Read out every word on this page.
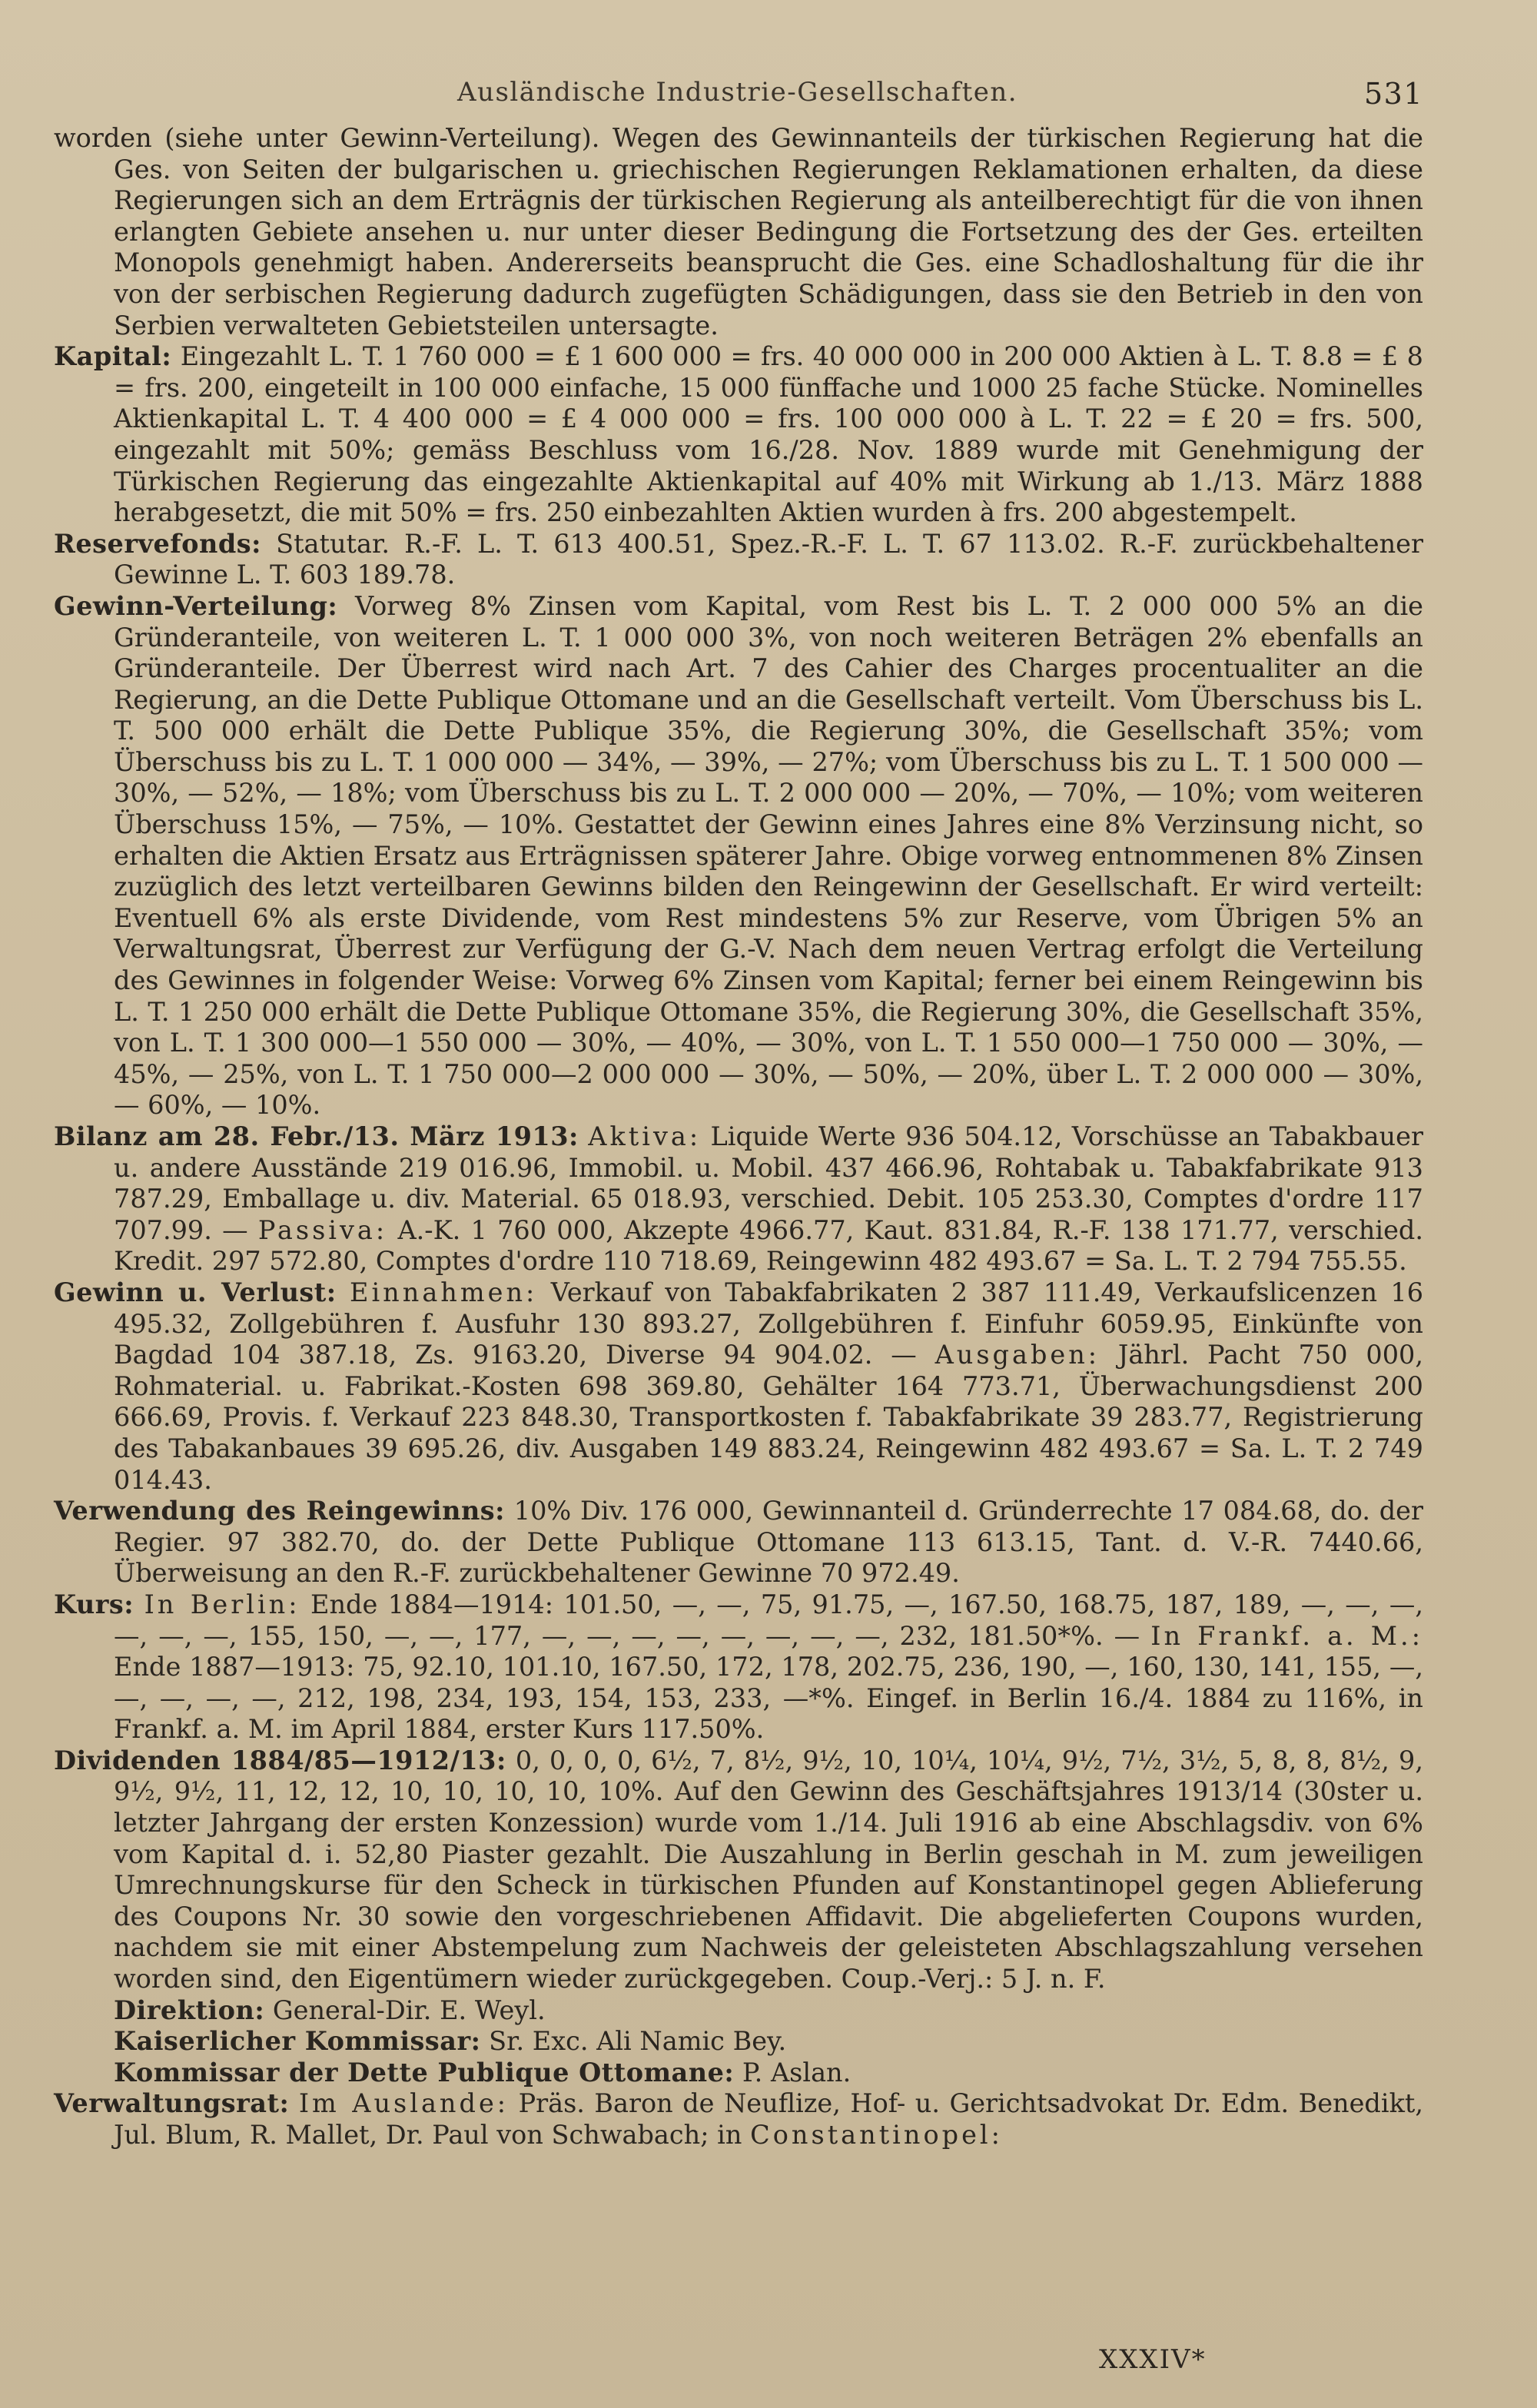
Ausländische Industrie-Gesellschaften.	531

worden (siehe unter Gewinn-Verteilung). Wegen des Gewinnanteils der türkischen Regierung hat die Ges. von Seiten der bulgarischen u. griechischen Regierungen Reklamationen erhalten, da diese Regierungen sich an dem Erträgnis der türkischen Regierung als anteilberechtigt für die von ihnen erlangten Gebiete ansehen u. nur unter dieser Bedingung die Fortsetzung des der Ges. erteilten Monopols genehmigt haben. Andererseits beansprucht die Ges. eine Schadloshaltung für die ihr von der serbischen Regierung dadurch zugefügten Schädigungen, dass sie den Betrieb in den von Serbien verwalteten Gebietsteilen untersagte.

Kapital: Eingezahlt L. T. 1 760 000 = £ 1 600 000 = frs. 40 000 000 in 200 000 Aktien à L. T. 8.8 = £ 8 = frs. 200, eingeteilt in 100 000 einfache, 15 000 fünffache und 1000 25 fache Stücke. Nominelles Aktienkapital L. T. 4 400 000 = £ 4 000 000 = frs. 100 000 000 à L. T. 22 = £ 20 = frs. 500, eingezahlt mit 50%; gemäss Beschluss vom 16./28. Nov. 1889 wurde mit Genehmigung der Türkischen Regierung das eingezahlte Aktienkapital auf 40% mit Wirkung ab 1./13. März 1888 herabgesetzt, die mit 50% = frs. 250 einbezahlten Aktien wurden à frs. 200 abgestempelt.

Reservefonds: Statutar. R.-F. L. T. 613 400.51, Spez.-R.-F. L. T. 67 113.02. R.-F. zurückbehaltener Gewinne L. T. 603 189.78.

Gewinn-Verteilung: Vorweg 8% Zinsen vom Kapital, vom Rest bis L. T. 2 000 000 5% an die Gründeranteile, von weiteren L. T. 1 000 000 3%, von noch weiteren Beträgen 2% ebenfalls an Gründeranteile. Der Überrest wird nach Art. 7 des Cahier des Charges procentualiter an die Regierung, an die Dette Publique Ottomane und an die Gesellschaft verteilt. Vom Überschuss bis L. T. 500 000 erhält die Dette Publique 35%, die Regierung 30%, die Gesellschaft 35%; vom Überschuss bis zu L. T. 1 000 000 — 34%, — 39%, — 27%; vom Überschuss bis zu L. T. 1 500 000 — 30%, — 52%, — 18%; vom Überschuss bis zu L. T. 2 000 000 — 20%, — 70%, — 10%; vom weiteren Überschuss 15%, — 75%, — 10%. Gestattet der Gewinn eines Jahres eine 8% Verzinsung nicht, so erhalten die Aktien Ersatz aus Erträgnissen späterer Jahre. Obige vorweg entnommenen 8% Zinsen zuzüglich des letzt verteilbaren Gewinns bilden den Reingewinn der Gesellschaft. Er wird verteilt: Eventuell 6% als erste Dividende, vom Rest mindestens 5% zur Reserve, vom Übrigen 5% an Verwaltungsrat, Überrest zur Verfügung der G.-V. Nach dem neuen Vertrag erfolgt die Verteilung des Gewinnes in folgender Weise: Vorweg 6% Zinsen vom Kapital; ferner bei einem Reingewinn bis L. T. 1 250 000 erhält die Dette Publique Ottomane 35%, die Regierung 30%, die Gesellschaft 35%, von L. T. 1 300 000—1 550 000 — 30%, — 40%, — 30%, von L. T. 1 550 000—1 750 000 — 30%, — 45%, — 25%, von L. T. 1 750 000—2 000 000 — 30%, — 50%, — 20%, über L. T. 2 000 000 — 30%, — 60%, — 10%.

Bilanz am 28. Febr./13. März 1913: Aktiva: Liquide Werte 936 504.12, Vorschüsse an Tabakbauer u. andere Ausstände 219 016.96, Immobil. u. Mobil. 437 466.96, Rohtabak u. Tabakfabrikate 913 787.29, Emballage u. div. Material. 65 018.93, verschied. Debit. 105 253.30, Comptes d'ordre 117 707.99. — Passiva: A.-K. 1 760 000, Akzepte 4966.77, Kaut. 831.84, R.-F. 138 171.77, verschied. Kredit. 297 572.80, Comptes d'ordre 110 718.69, Reingewinn 482 493.67 = Sa. L. T. 2 794 755.55.

Gewinn u. Verlust: Einnahmen: Verkauf von Tabakfabrikaten 2 387 111.49, Verkaufslicenzen 16 495.32, Zollgebühren f. Ausfuhr 130 893.27, Zollgebühren f. Einfuhr 6059.95, Einkünfte von Bagdad 104 387.18, Zs. 9163.20, Diverse 94 904.02. — Ausgaben: Jährl. Pacht 750 000, Rohmaterial. u. Fabrikat.-Kosten 698 369.80, Gehälter 164 773.71, Überwachungsdienst 200 666.69, Provis. f. Verkauf 223 848.30, Transportkosten f. Tabakfabrikate 39 283.77, Registrierung des Tabakanbaues 39 695.26, div. Ausgaben 149 883.24, Reingewinn 482 493.67 = Sa. L. T. 2 749 014.43.

Verwendung des Reingewinns: 10% Div. 176 000, Gewinnanteil d. Gründerrechte 17 084.68, do. der Regier. 97 382.70, do. der Dette Publique Ottomane 113 613.15, Tant. d. V.-R. 7440.66, Überweisung an den R.-F. zurückbehaltener Gewinne 70 972.49.

Kurs: In Berlin: Ende 1884—1914: 101.50, —, —, 75, 91.75, —, 167.50, 168.75, 187, 189, —, —, —, —, —, —, 155, 150, —, —, 177, —, —, —, —, —, —, —, —, 232, 181.50*%. — In Frankf. a. M.: Ende 1887—1913: 75, 92.10, 101.10, 167.50, 172, 178, 202.75, 236, 190, —, 160, 130, 141, 155, —, —, —, —, —, 212, 198, 234, 193, 154, 153, 233, —*%. Eingef. in Berlin 16./4. 1884 zu 116%, in Frankf. a. M. im April 1884, erster Kurs 117.50%.

Dividenden 1884/85—1912/13: 0, 0, 0, 0, 6½, 7, 8½, 9½, 10, 10¼, 10¼, 9½, 7½, 3½, 5, 8, 8, 8½, 9, 9½, 9½, 11, 12, 12, 10, 10, 10, 10, 10%. Auf den Gewinn des Geschäftsjahres 1913/14 (30ster u. letzter Jahrgang der ersten Konzession) wurde vom 1./14. Juli 1916 ab eine Abschlagsdiv. von 6% vom Kapital d. i. 52,80 Piaster gezahlt. Die Auszahlung in Berlin geschah in M. zum jeweiligen Umrechnungskurse für den Scheck in türkischen Pfunden auf Konstantinopel gegen Ablieferung des Coupons Nr. 30 sowie den vorgeschriebenen Affidavit. Die abgelieferten Coupons wurden, nachdem sie mit einer Abstempelung zum Nachweis der geleisteten Abschlagszahlung versehen worden sind, den Eigentümern wieder zurückgegeben. Coup.-Verj.: 5 J. n. F.

Direktion: General-Dir. E. Weyl.

Kaiserlicher Kommissar: Sr. Exc. Ali Namic Bey.

Kommissar der Dette Publique Ottomane: P. Aslan.

Verwaltungsrat: Im Auslande: Präs. Baron de Neuflize, Hof- u. Gerichtsadvokat Dr. Edm. Benedikt, Jul. Blum, R. Mallet, Dr. Paul von Schwabach; in Constantinopel:

XXXIV*
